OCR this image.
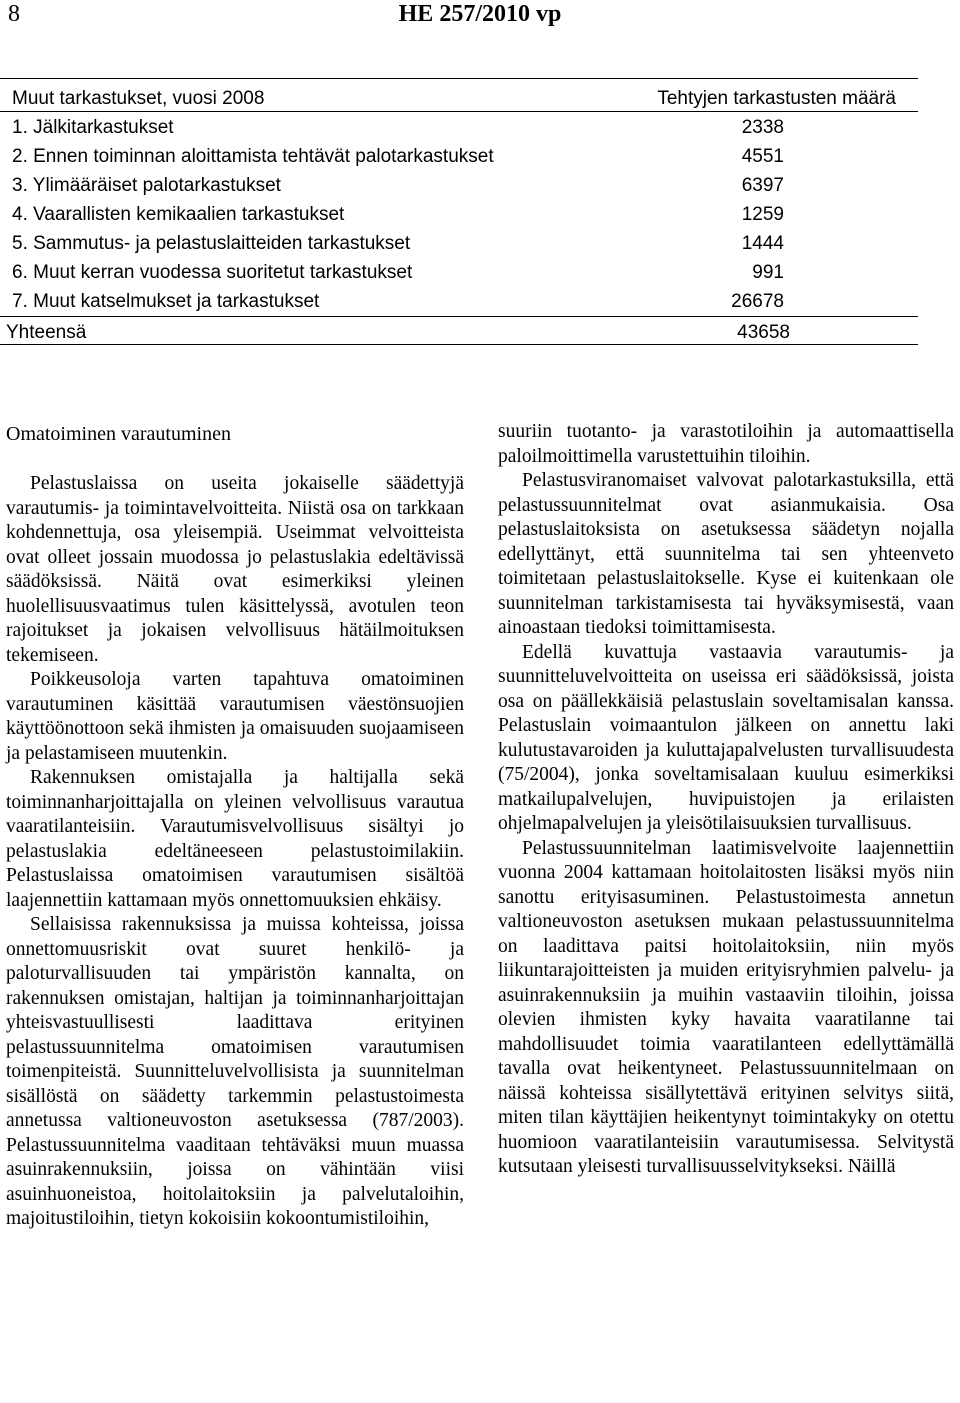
8	HE 257/2010 vp
Muut tarkastukset, vuosi 2008	Tehtyjen tarkastusten määrä
1. Jälkitarkastukset	2338
2. Ennen toiminnan aloittamista tehtävät palotarkastukset	4551
3. Ylimääräiset palotarkastukset	6397
4. Vaarallisten kemikaalien tarkastukset	1259
5. Sammutus- ja pelastuslaitteiden tarkastukset	1444
6. Muut kerran vuodessa suoritetut tarkastukset	991
7. Muut katselmukset ja tarkastukset	26678
Yhteensä	43658
Omatoiminen varautuminen

Pelastuslaissa on useita jokaiselle säädettyjä varautumis- ja toimintavelvoitteita. Niistä osa on tarkkaan kohdennettuja, osa yleisempiä. Useimmat velvoitteista ovat olleet jossain muodossa jo pelastuslakia edeltävissä säädöksissä. Näitä ovat esimerkiksi yleinen huolellisuusvaatimus tulen käsittelyssä, avotulen teon rajoitukset ja jokaisen velvollisuus hätäilmoituksen tekemiseen.

Poikkeusoloja varten tapahtuva omatoiminen varautuminen käsittää varautumisen väestönsuojien käyttöönottoon sekä ihmisten ja omaisuuden suojaamiseen ja pelastamiseen muutenkin.

Rakennuksen omistajalla ja haltijalla sekä toiminnanharjoittajalla on yleinen velvollisuus varautua vaaratilanteisiin. Varautumisvelvollisuus sisältyi jo pelastuslakia edeltäneeseen pelastustoimilakiin. Pelastuslaissa omatoimisen varautumisen sisältöä laajennettiin kattamaan myös onnettomuuksien ehkäisy.

Sellaisissa rakennuksissa ja muissa kohteissa, joissa onnettomuusriskit ovat suuret henkilö- ja paloturvallisuuden tai ympäristön kannalta, on rakennuksen omistajan, haltijan ja toiminnanharjoittajan yhteisvastuullisesti laadittava erityinen pelastussuunnitelma omatoimisen varautumisen toimenpiteistä. Suunnitteluvelvollisista ja suunnitelman sisällöstä on säädetty tarkemmin pelastustoimesta annetussa valtioneuvoston asetuksessa (787/2003). Pelastussuunnitelma vaaditaan tehtäväksi muun muassa asuinrakennuksiin, joissa on vähintään viisi asuinhuoneistoa, hoitolaitoksiin ja palvelutaloihin, majoitustiloihin, tietyn kokoisiin kokoontumistiloihin,

suuriin tuotanto- ja varastotiloihin ja automaattisella paloilmoittimella varustettuihin tiloihin.

Pelastusviranomaiset valvovat palotarkastuksilla, että pelastussuunnitelmat ovat asianmukaisia. Osa pelastuslaitoksista on asetuksessa säädetyn nojalla edellyttänyt, että suunnitelma tai sen yhteenveto toimitetaan pelastuslaitokselle. Kyse ei kuitenkaan ole suunnitelman tarkistamisesta tai hyväksymisestä, vaan ainoastaan tiedoksi toimittamisesta.

Edellä kuvattuja vastaavia varautumis- ja suunnitteluvelvoitteita on useissa eri säädöksissä, joista osa on päällekkäisiä pelastuslain soveltamisalan kanssa. Pelastuslain voimaantulon jälkeen on annettu laki kulutustavaroiden ja kuluttajapalvelusten turvallisuudesta (75/2004), jonka soveltamisalaan kuuluu esimerkiksi matkailupalvelujen, huvipuistojen ja erilaisten ohjelmapalvelujen ja yleisötilaisuuksien turvallisuus.

Pelastussuunnitelman laatimisvelvoite laajennettiin vuonna 2004 kattamaan hoitolaitosten lisäksi myös niin sanottu erityisasuminen. Pelastustoimesta annetun valtioneuvoston asetuksen mukaan pelastussuunnitelma on laadittava paitsi hoitolaitoksiin, niin myös liikuntarajoitteisten ja muiden erityisryhmien palvelu- ja asuinrakennuksiin ja muihin vastaaviin tiloihin, joissa olevien ihmisten kyky havaita vaaratilanne tai mahdollisuudet toimia vaaratilanteen edellyttämällä tavalla ovat heikentyneet. Pelastussuunnitelmaan on näissä kohteissa sisällytettävä erityinen selvitys siitä, miten tilan käyttäjien heikentynyt toimintakyky on otettu huomioon vaaratilanteisiin varautumisessa. Selvitystä kutsutaan yleisesti turvallisuusselvitykseksi. Näillä
